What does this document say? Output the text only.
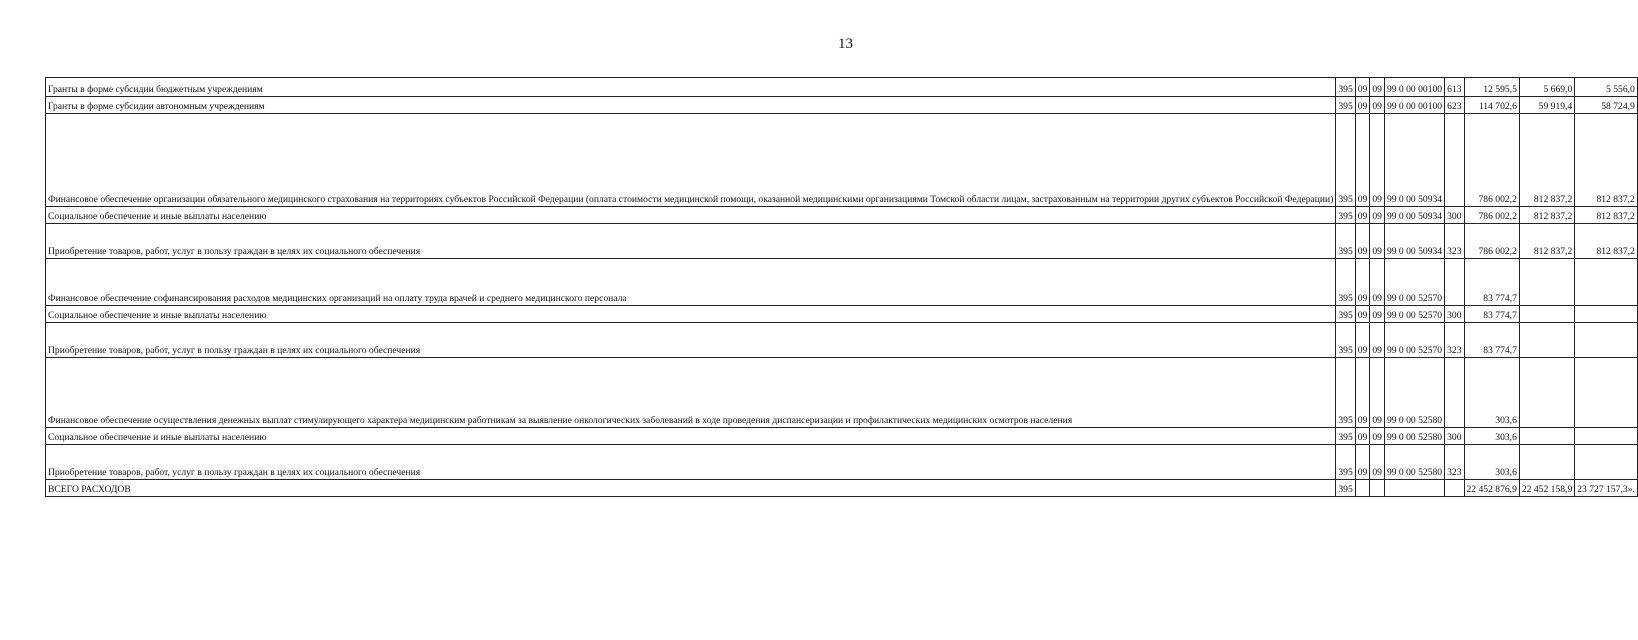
13
Гранты в форме субсидии бюджетным учреждениям	395	09	09	99 0 00 00100	613	12 595,5	5 669,0	5 556,0
Гранты в форме субсидии автономным учреждениям	395	09	09	99 0 00 00100	623	114 702,6	59 919,4	58 724,9
Финансовое обеспечение организации обязательного медицинского страхования на территориях субъектов Российской Федерации (оплата стоимости медицинской помощи, оказанной медицинскими организациями Томской области лицам, застрахованным на территории других субъектов Российской Федерации)	395	09	09	99 0 00 50934		786 002,2	812 837,2	812 837,2
Социальное обеспечение и иные выплаты населению	395	09	09	99 0 00 50934	300	786 002,2	812 837,2	812 837,2
Приобретение товаров, работ, услуг в пользу граждан в целях их социального обеспечения	395	09	09	99 0 00 50934	323	786 002,2	812 837,2	812 837,2
Финансовое обеспечение софинансирования расходов медицинских организаций на оплату труда врачей и среднего медицинского персонала	395	09	09	99 0 00 52570		83 774,7		
Социальное обеспечение и иные выплаты населению	395	09	09	99 0 00 52570	300	83 774,7		
Приобретение товаров, работ, услуг в пользу граждан в целях их социального обеспечения	395	09	09	99 0 00 52570	323	83 774,7		
Финансовое обеспечение осуществления денежных выплат стимулирующего характера медицинским работникам за выявление онкологических заболеваний в ходе проведения диспансеризации и профилактических медицинских осмотров населения	395	09	09	99 0 00 52580		303,6		
Социальное обеспечение и иные выплаты населению	395	09	09	99 0 00 52580	300	303,6		
Приобретение товаров, работ, услуг в пользу граждан в целях их социального обеспечения	395	09	09	99 0 00 52580	323	303,6		
ВСЕГО РАСХОДОВ	395					22 452 876,9	22 452 158,9	23 727 157,3».
